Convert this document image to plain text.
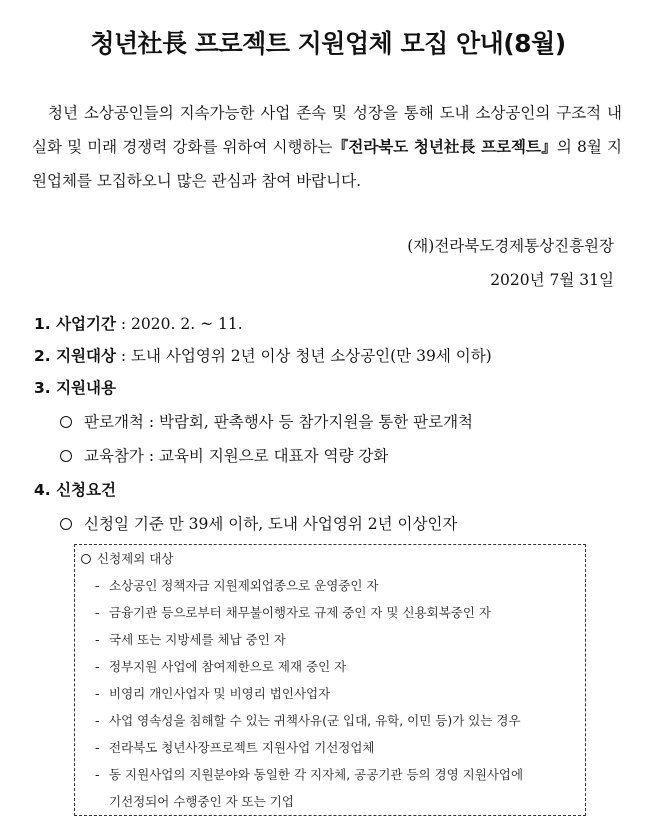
청년社長 프로젝트 지원업체 모집 안내(8월)

청년 소상공인들의 지속가능한 사업 존속 및 성장을 통해 도내 소상공인의 구조적 내실화 및 미래 경쟁력 강화를 위하여 시행하는『전라북도 청년社長 프로젝트』의 8월 지원업체를 모집하오니 많은 관심과 참여 바랍니다.

(재)전라북도경제통상진흥원장
2020년 7월 31일
1. 사업기간 : 2020. 2. ~ 11.
2. 지원대상 : 도내 사업영위 2년 이상 청년 소상공인(만 39세 이하)
3. 지원내용
판로개척 : 박람회, 판촉행사 등 참가지원을 통한 판로개척
교육참가 : 교육비 지원으로 대표자 역량 강화
4. 신청요건
신청일 기준 만 39세 이하, 도내 사업영위 2년 이상인자
신청제외 대상
- 소상공인 정책자금 지원제외업종으로 운영중인 자
- 금융기관 등으로부터 채무불이행자로 규제 중인 자 및 신용회복중인 자
- 국세 또는 지방세를 체납 중인 자
- 정부지원 사업에 참여제한으로 제재 중인 자
- 비영리 개인사업자 및 비영리 법인사업자
- 사업 영속성을 침해할 수 있는 귀책사유(군 입대, 유학, 이민 등)가 있는 경우
- 전라북도 청년사장프로젝트 지원사업 기선정업체
- 동 지원사업의 지원분야와 동일한 각 지자체, 공공기관 등의 경영 지원사업에
기선정되어 수행중인 자 또는 기업
